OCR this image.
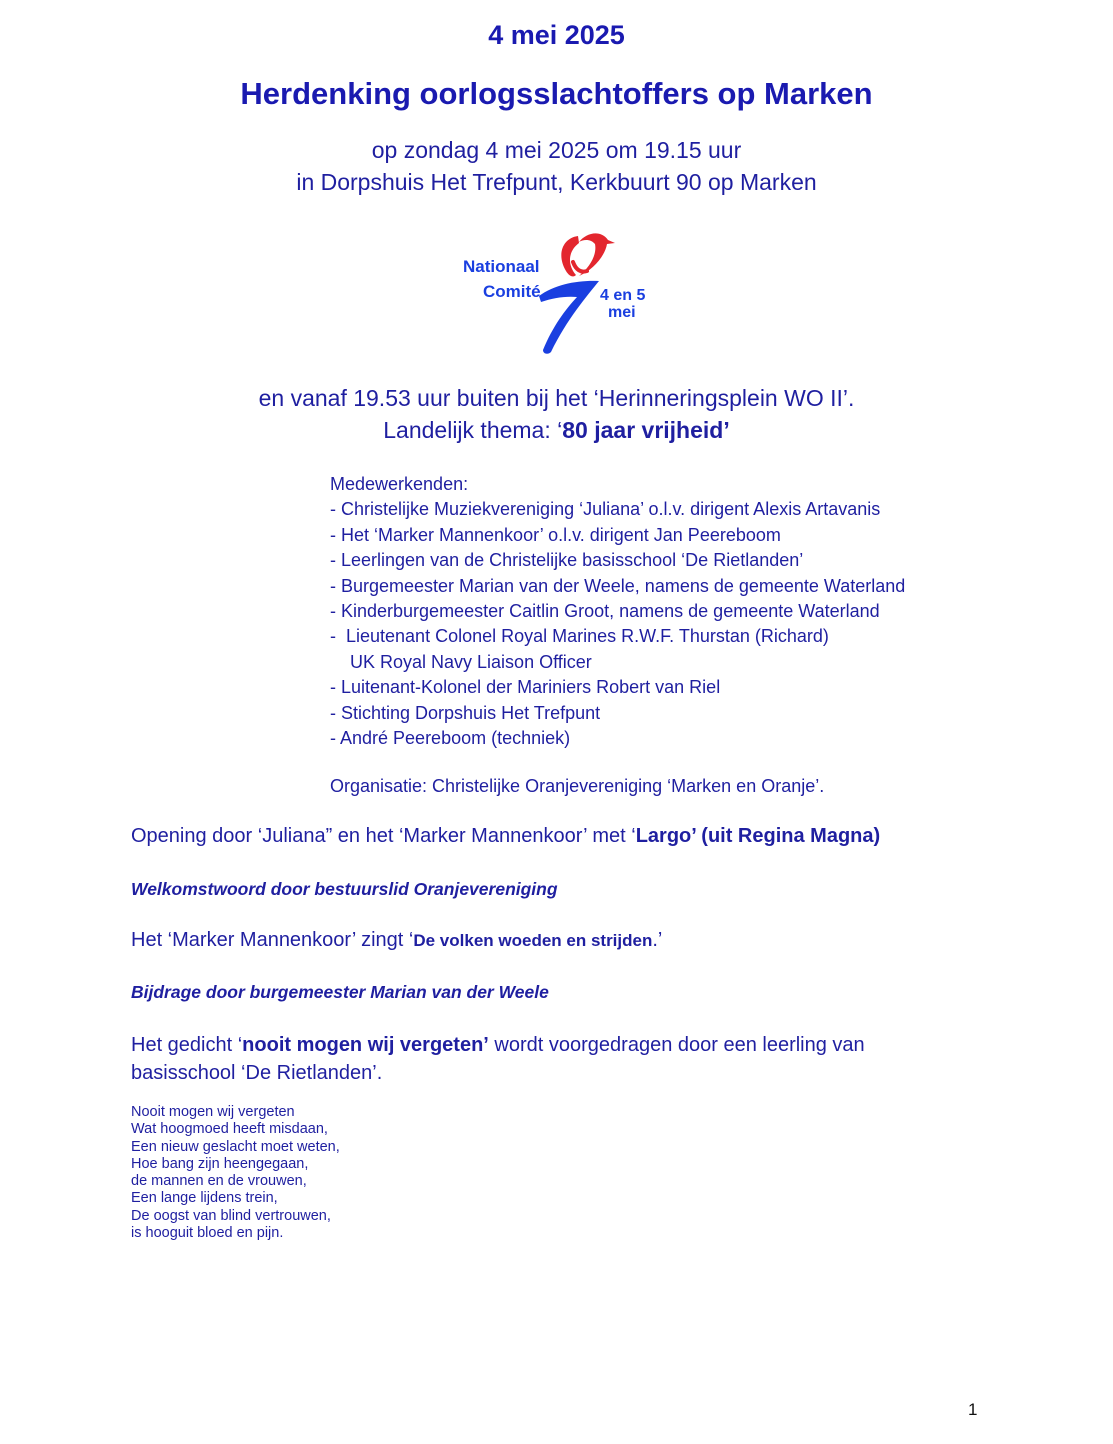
4 mei 2025
Herdenking oorlogsslachtoffers op Marken
op zondag 4 mei 2025 om 19.15 uur
in Dorpshuis Het Trefpunt, Kerkbuurt 90 op Marken
Nationaal
Comité	4 en 5
mei
en vanaf 19.53 uur buiten bij het ‘Herinneringsplein WO II’.
Landelijk thema: ‘80 jaar vrijheid’
Medewerkenden:
- Christelijke Muziekvereniging ‘Juliana’ o.l.v. dirigent Alexis Artavanis
- Het ‘Marker Mannenkoor’ o.l.v. dirigent Jan Peereboom
- Leerlingen van de Christelijke basisschool ‘De Rietlanden’
- Burgemeester Marian van der Weele, namens de gemeente Waterland
- Kinderburgemeester Caitlin Groot, namens de gemeente Waterland
-  Lieutenant Colonel Royal Marines R.W.F. Thurstan (Richard)
UK Royal Navy Liaison Officer
- Luitenant-Kolonel der Mariniers Robert van Riel
- Stichting Dorpshuis Het Trefpunt
- André Peereboom (techniek)
Organisatie: Christelijke Oranjevereniging ‘Marken en Oranje’.
Opening door ‘Juliana” en het ‘Marker Mannenkoor’ met ‘Largo’ (uit Regina Magna)
Welkomstwoord door bestuurslid Oranjevereniging
Het ‘Marker Mannenkoor’ zingt ‘De volken woeden en strijden.’
Bijdrage door burgemeester Marian van der Weele
Het gedicht ‘nooit mogen wij vergeten’ wordt voorgedragen door een leerling van
basisschool ‘De Rietlanden’.
Nooit mogen wij vergeten
Wat hoogmoed heeft misdaan,
Een nieuw geslacht moet weten,
Hoe bang zijn heengegaan,
de mannen en de vrouwen,
Een lange lijdens trein,
De oogst van blind vertrouwen,
is hooguit bloed en pijn.
1
